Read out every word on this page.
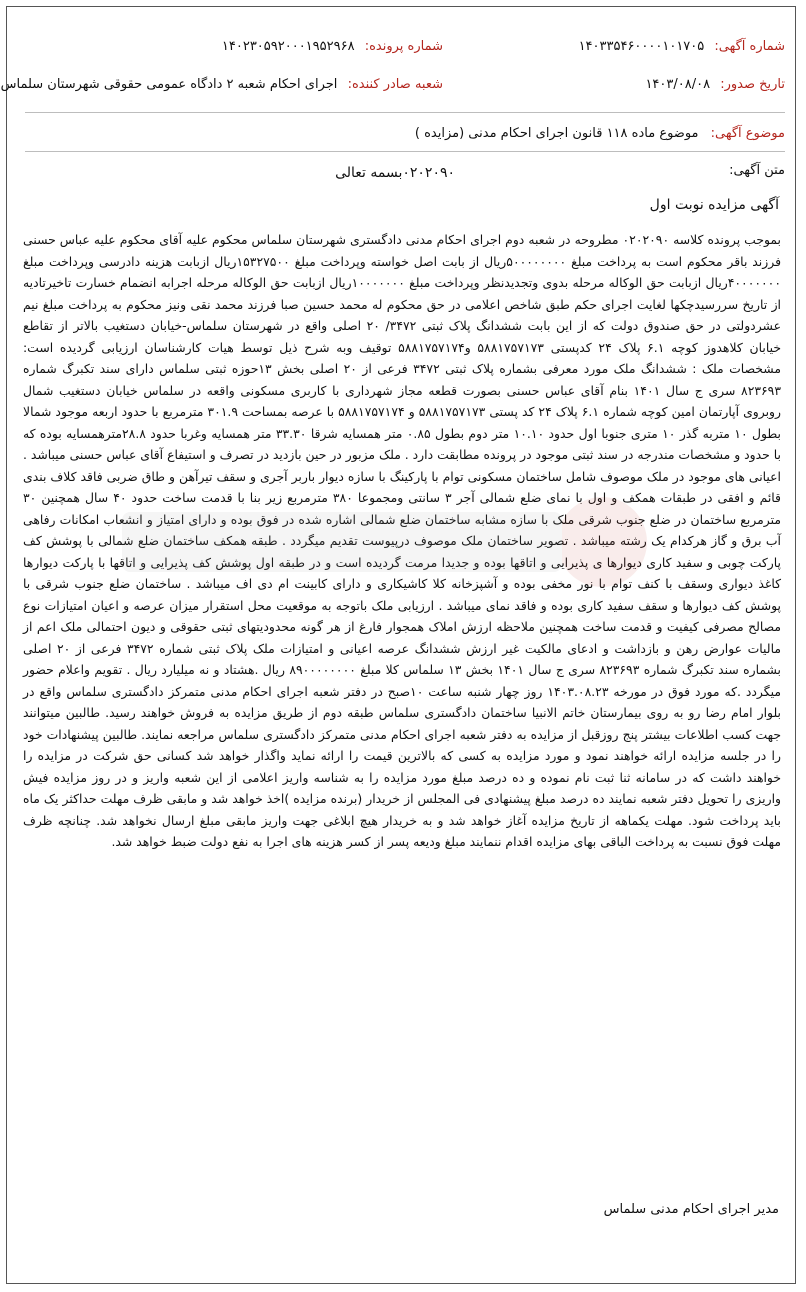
شماره آگهی: ۱۴۰۳۳۵۴۶۰۰۰۰۱۰۱۷۰۵
شماره پرونده: ۱۴۰۲۳۰۵۹۲۰۰۰۱۹۵۲۹۶۸
تاریخ صدور: ۱۴۰۳/۰۸/۰۸
شعبه صادر کننده: اجرای احکام شعبه ۲ دادگاه عمومی حقوقی شهرستان سلماس
موضوع آگهی: موضوع ماده ۱۱۸ قانون اجرای احکام مدنی (مزایده )
متن آگهی:
۰۲۰۲۰۹۰بسمه تعالی
آگهی مزایده نوبت اول

بموجب پرونده کلاسه ۰۲۰۲۰۹۰ مطروحه در شعبه دوم اجرای احکام مدنی دادگستری شهرستان سلماس محکوم علیه آقای محکوم علیه عباس حسنی فرزند باقر محکوم است به پرداخت مبلغ ۵۰۰۰۰۰۰۰۰ریال از بابت اصل خواسته وپرداخت مبلغ ۱۵۳۲۷۵۰۰ریال ازبابت هزینه دادرسی وپرداخت مبلغ ۴۰۰۰۰۰۰۰ریال ازبابت حق الوکاله مرحله بدوی وتجدیدنظر وپرداخت مبلغ ۱۰۰۰۰۰۰۰ریال ازبابت حق الوکاله مرحله اجرابه انضمام خسارت تاخیرتادیه از تاریخ سررسیدچکها لغایت اجرای حکم طبق شاخص اعلامی در حق محکوم له محمد حسین صبا فرزند محمد نقی ونیز محکوم به پرداخت مبلغ نیم عشردولتی در حق صندوق دولت که از این بابت ششدانگ پلاک ثبتی ۳۴۷۲/ ۲۰ اصلی واقع در شهرستان سلماس-خیابان دستغیب بالاتر از تقاطع خیابان کلاهدوز کوچه ۶.۱ پلاک ۲۴ کدپستی ۵۸۸۱۷۵۷۱۷۳ و۵۸۸۱۷۵۷۱۷۴ توقیف وبه شرح ذیل توسط هیات کارشناسان ارزیابی گردیده است: مشخصات ملک : ششدانگ ملک مورد معرفی بشماره پلاک ثبتی ۳۴۷۲ فرعی از ۲۰ اصلی بخش ۱۳حوزه ثبتی سلماس دارای سند تکبرگ شماره ۸۲۳۶۹۳ سری ج سال ۱۴۰۱ بنام آقای عباس حسنی بصورت قطعه مجاز شهرداری با کاربری مسکونی واقعه در سلماس خیابان دستغیب شمال روبروی آپارتمان امین کوچه شماره ۶.۱ پلاک ۲۴ کد پستی ۵۸۸۱۷۵۷۱۷۳ و ۵۸۸۱۷۵۷۱۷۴ با عرصه بمساحت ۳۰۱.۹ مترمربع با حدود اربعه موجود شمالا بطول ۱۰ متربه گذر ۱۰ متری جنوبا اول حدود ۱۰.۱۰ متر دوم بطول ۰.۸۵ متر همسایه شرقا ۳۳.۳۰ متر همسایه وغربا حدود ۲۸.۸مترهمسایه بوده که با حدود و مشخصات مندرجه در سند ثبتی موجود در پرونده مطابقت دارد . ملک مزبور در حین بازدید در تصرف و استیفاع آقای عباس حسنی میباشد . اعیانی های موجود در ملک موصوف شامل ساختمان مسکونی توام با پارکینگ با سازه دیوار باربر آجری و سقف تیرآهن و طاق ضربی فاقد کلاف بندی قائم و افقی در طبقات همکف و اول با نمای ضلع شمالی آجر ۳ سانتی ومجموعا ۳۸۰ مترمربع زیر بنا با قدمت ساخت حدود ۴۰ سال همچنین ۳۰ مترمربع ساختمان در ضلع جنوب شرقی ملک با سازه مشابه ساختمان ضلع شمالی اشاره شده در فوق بوده و دارای امتیاز و انشعاب امکانات رفاهی آب برق و گاز هرکدام یک رشته میباشد . تصویر ساختمان ملک موصوف درپیوست تقدیم میگردد . طبقه همکف ساختمان ضلع شمالی با پوشش کف پارکت چوبی و سفید کاری دیوارها ی پذیرایی و اتاقها بوده و جدیدا مرمت گردیده است و در طبقه اول پوشش کف پذیرایی و اتاقها با پارکت دیوارها کاغذ دیواری وسقف با کنف توام با نور مخفی بوده و آشپزخانه کلا کاشیکاری و دارای کابینت ام دی اف میباشد . ساختمان ضلع جنوب شرقی با پوشش کف دیوارها و سقف سفید کاری بوده و فاقد نمای میباشد . ارزیابی ملک باتوجه به موقعیت محل استقرار میزان عرصه و اعیان امتیازات نوع مصالح مصرفی کیفیت و قدمت ساخت همچنین ملاحظه ارزش املاک همجوار فارغ از هر گونه محدودیتهای ثبتی حقوقی و دیون احتمالی ملک اعم از مالیات عوارض رهن و بازداشت و ادعای مالکیت غیر ارزش ششدانگ عرصه اعیانی و امتیازات ملک پلاک ثبتی شماره ۳۴۷۲ فرعی از ۲۰ اصلی بشماره سند تکبرگ شماره ۸۲۳۶۹۳ سری ج سال ۱۴۰۱ بخش ۱۳ سلماس کلا مبلغ ۸۹۰۰۰۰۰۰۰۰ ریال .هشتاد و نه میلیارد ریال . تقویم واعلام حضور میگردد .که مورد فوق در مورخه ۱۴۰۳.۰۸.۲۳ روز چهار شنبه ساعت ۱۰صبح در دفتر شعبه اجرای احکام مدنی متمرکز دادگستری سلماس واقع در بلوار امام رضا رو به روی بیمارستان خاتم الانبیا ساختمان دادگستری سلماس طبقه دوم از طریق مزایده به فروش خواهند رسید. طالبین میتوانند جهت کسب اطلاعات بیشتر پنج روزقبل از مزایده به دفتر شعبه اجرای احکام مدنی متمرکز دادگستری سلماس مراجعه نمایند. طالبین پیشنهادات خود را در جلسه مزایده ارائه خواهند نمود و مورد مزایده به کسی که بالاترین قیمت را ارائه نماید واگذار خواهد شد کسانی حق شرکت در مزایده را خواهند داشت که در سامانه ثنا ثبت نام نموده و ده درصد مبلغ مورد مزایده را به شناسه واریز اعلامی از این شعبه واریز و در روز مزایده فیش واریزی را تحویل دفتر شعبه نمایند ده درصد مبلغ پیشنهادی فی المجلس از خریدار (برنده مزایده )اخذ خواهد شد و مابقی ظرف مهلت حداکثر یک ماه باید پرداخت شود. مهلت یکماهه از تاریخ مزایده آغاز خواهد شد و به خریدار هیچ ابلاغی جهت واریز مابقی مبلغ ارسال نخواهد شد. چنانچه ظرف مهلت فوق نسبت به پرداخت الباقی بهای مزایده اقدام ننمایند مبلغ ودیعه پسر از کسر هزینه های اجرا به نفع دولت ضبط خواهد شد.

مدیر اجرای احکام مدنی سلماس
